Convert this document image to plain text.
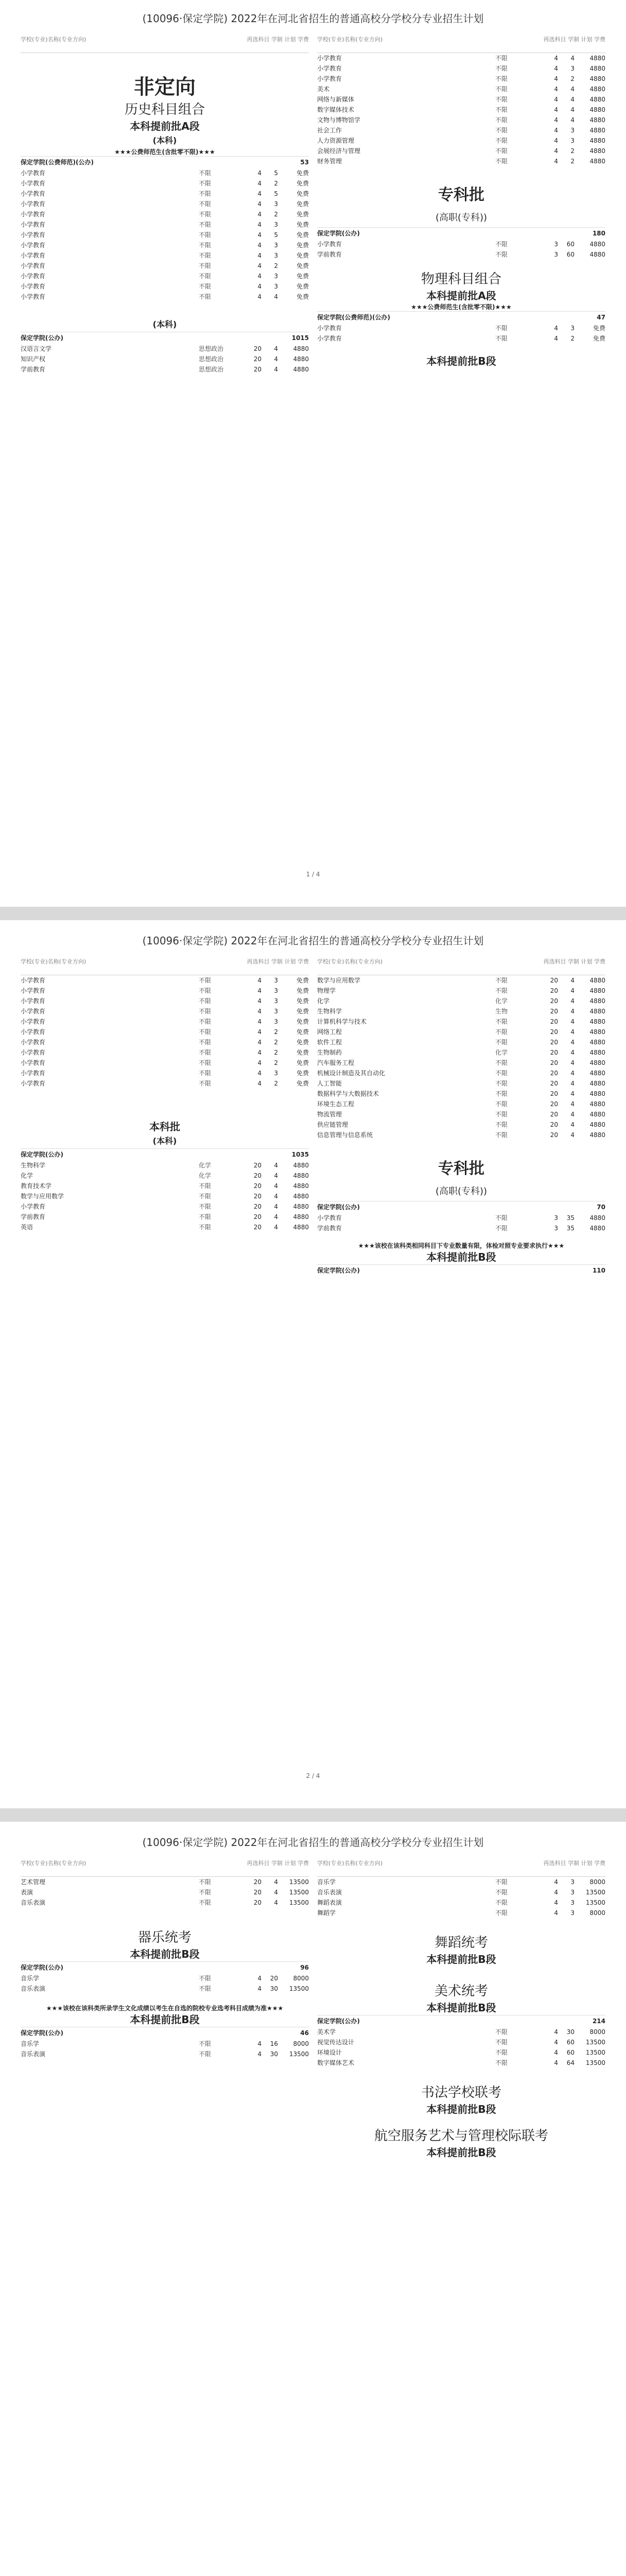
(10096·保定学院) 2022年在河北省招生的普通高校分学校分专业招生计划
学校(专业)名称(专业方向)	再选科目 学制 计划 学费
非定向
历史科目组合
本科提前批A段
(本科)
★★★公费师范生(含批零不限)★★★
保定学院(公费师范)(公办)	53
小学教育	不限	4	5	免费
小学教育	不限	4	2	免费
小学教育	不限	4	5	免费
小学教育	不限	4	3	免费
小学教育	不限	4	2	免费
小学教育	不限	4	3	免费
小学教育	不限	4	5	免费
小学教育	不限	4	3	免费
小学教育	不限	4	3	免费
小学教育	不限	4	2	免费
小学教育	不限	4	3	免费
小学教育	不限	4	3	免费
小学教育	不限	4	4	免费
(本科)
保定学院(公办)	1015
汉语言文学	思想政治	20	4	4880
知识产权	思想政治	20	4	4880
学前教育	思想政治	20	4	4880
学校(专业)名称(专业方向)	再选科目 学制 计划 学费
小学教育	不限	4	4	4880
小学教育	不限	4	3	4880
小学教育	不限	4	2	4880
美术	不限	4	4	4880
网络与新媒体	不限	4	4	4880
数字媒体技术	不限	4	4	4880
文物与博物馆学	不限	4	4	4880
社会工作	不限	4	3	4880
人力资源管理	不限	4	3	4880
会展经济与管理	不限	4	2	4880
财务管理	不限	4	2	4880
专科批
(高职(专科))
保定学院(公办)	180
小学教育	不限	3	60	4880
学前教育	不限	3	60	4880
物理科目组合
本科提前批A段
★★★公费师范生(含批零不限)★★★
保定学院(公费师范)(公办)	47
小学教育	不限	4	3	免费
小学教育	不限	4	2	免费
本科提前批B段
1 / 4
(10096·保定学院) 2022年在河北省招生的普通高校分学校分专业招生计划
学校(专业)名称(专业方向)	再选科目 学制 计划 学费
小学教育	不限	4	3	免费
小学教育	不限	4	3	免费
小学教育	不限	4	3	免费
小学教育	不限	4	3	免费
小学教育	不限	4	3	免费
小学教育	不限	4	2	免费
小学教育	不限	4	2	免费
小学教育	不限	4	2	免费
小学教育	不限	4	2	免费
小学教育	不限	4	3	免费
小学教育	不限	4	2	免费
本科批
(本科)
保定学院(公办)	1035
生物科学	化学	20	4	4880
化学	化学	20	4	4880
教育技术学	不限	20	4	4880
数学与应用数学	不限	20	4	4880
小学教育	不限	20	4	4880
学前教育	不限	20	4	4880
英语	不限	20	4	4880
学校(专业)名称(专业方向)	再选科目 学制 计划 学费
数学与应用数学	不限	20	4	4880
物理学	不限	20	4	4880
化学	化学	20	4	4880
生物科学	生物	20	4	4880
计算机科学与技术	不限	20	4	4880
网络工程	不限	20	4	4880
软件工程	不限	20	4	4880
生物制药	化学	20	4	4880
汽车服务工程	不限	20	4	4880
机械设计制造及其自动化	不限	20	4	4880
人工智能	不限	20	4	4880
数据科学与大数据技术	不限	20	4	4880
环境生态工程	不限	20	4	4880
物流管理	不限	20	4	4880
供应链管理	不限	20	4	4880
信息管理与信息系统	不限	20	4	4880
专科批
(高职(专科))
保定学院(公办)	70
小学教育	不限	3	35	4880
学前教育	不限	3	35	4880
★★★该校在该科类相同科目下专业数量有限，体检对照专业要求执行★★★
本科提前批B段
保定学院(公办)	110
2 / 4
(10096·保定学院) 2022年在河北省招生的普通高校分学校分专业招生计划
学校(专业)名称(专业方向)	再选科目 学制 计划 学费
艺术管理	不限	20	4	13500
表演	不限	20	4	13500
音乐表演	不限	20	4	13500
器乐统考
本科提前批B段
保定学院(公办)	96
音乐学	不限	4	20	8000
音乐表演	不限	4	30	13500
★★★该校在该科类所录学生文化成绩以考生在自选的院校专业选考科目成绩为准★★★
本科提前批B段
保定学院(公办)	46
音乐学	不限	4	16	8000
音乐表演	不限	4	30	13500
学校(专业)名称(专业方向)	再选科目 学制 计划 学费
音乐学	不限	4	3	8000
音乐表演	不限	4	3	13500
舞蹈表演	不限	4	3	13500
舞蹈学	不限	4	3	8000
舞蹈统考
本科提前批B段
美术统考
本科提前批B段
保定学院(公办)	214
美术学	不限	4	30	8000
视觉传达设计	不限	4	60	13500
环境设计	不限	4	60	13500
数字媒体艺术	不限	4	64	13500
书法学校联考
本科提前批B段
航空服务艺术与管理校际联考
本科提前批B段
